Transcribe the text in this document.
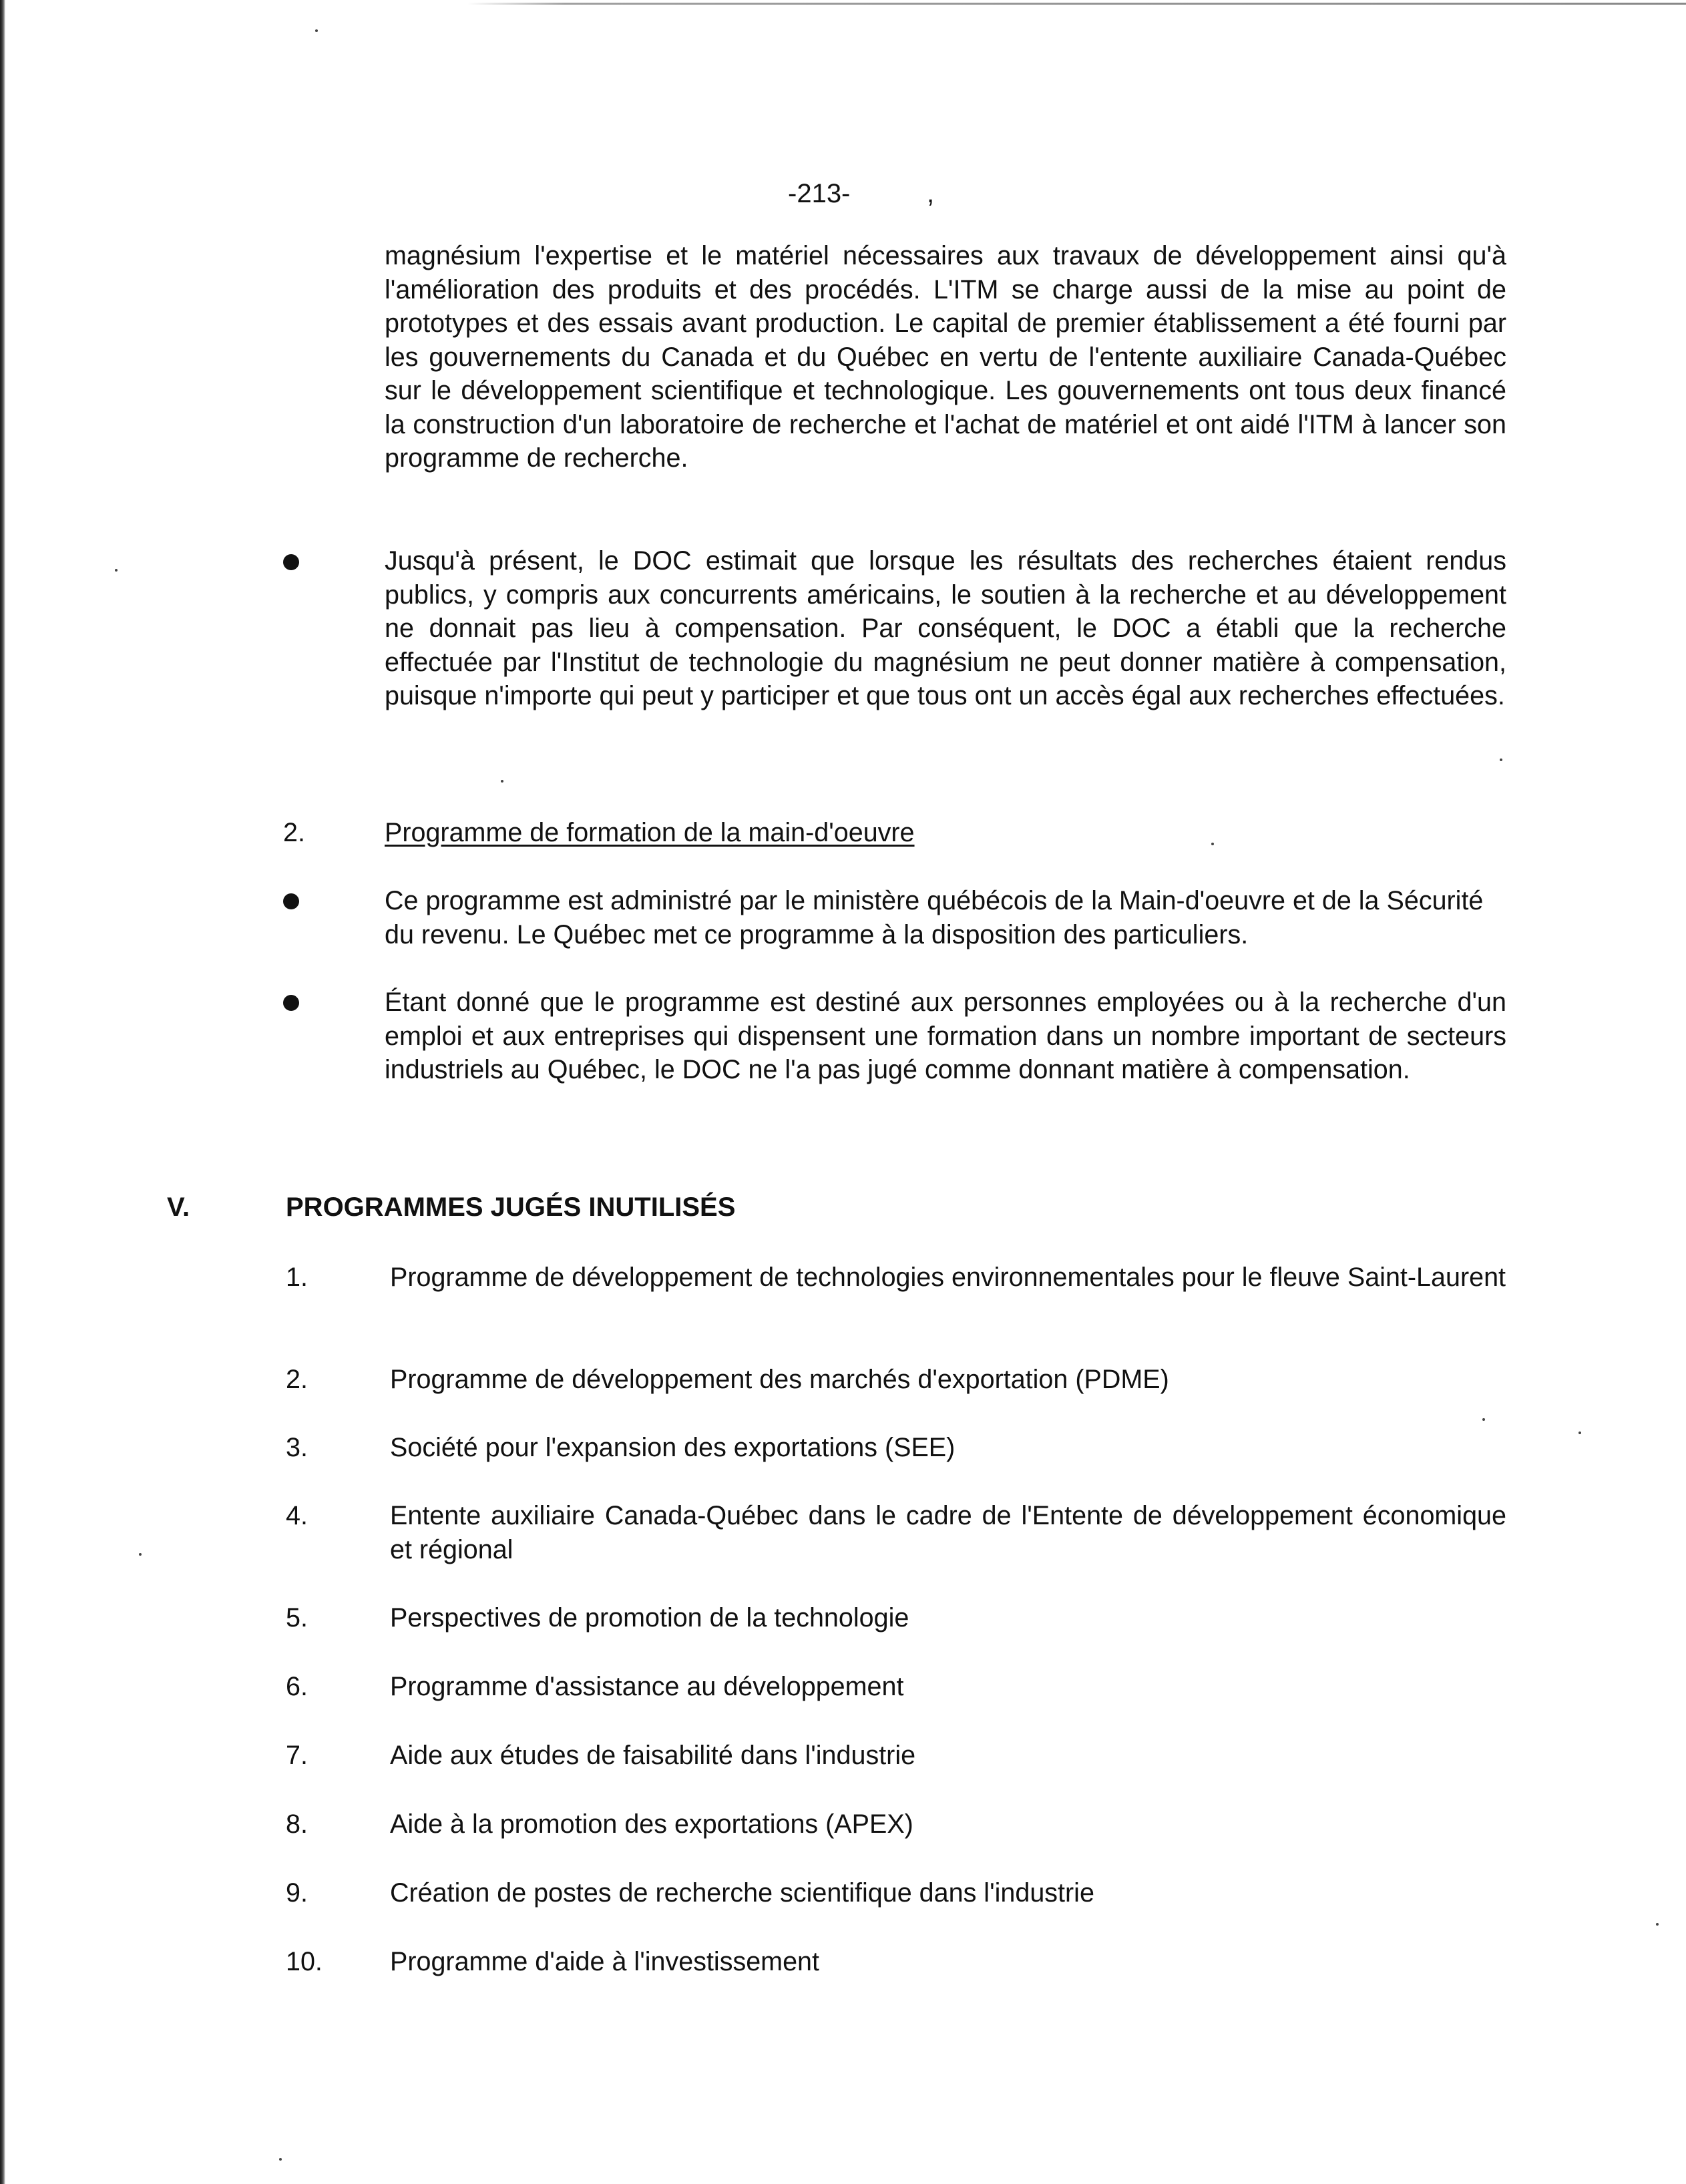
-213-	,

magnésium l'expertise et le matériel nécessaires aux travaux de développement ainsi qu'à l'amélioration des produits et des procédés. L'ITM se charge aussi de la mise au point de prototypes et des essais avant production. Le capital de premier établissement a été fourni par les gouvernements du Canada et du Québec en vertu de l'entente auxiliaire Canada-Québec sur le développement scientifique et technologique. Les gouvernements ont tous deux financé la construction d'un laboratoire de recherche et l'achat de matériel et ont aidé l'ITM à lancer son programme de recherche.

Jusqu'à présent, le DOC estimait que lorsque les résultats des recherches étaient rendus publics, y compris aux concurrents américains, le soutien à la recherche et au développement ne donnait pas lieu à compensation. Par conséquent, le DOC a établi que la recherche effectuée par l'Institut de technologie du magnésium ne peut donner matière à compensation, puisque n'importe qui peut y participer et que tous ont un accès égal aux recherches effectuées.

2.	Programme de formation de la main-d'oeuvre

Ce programme est administré par le ministère québécois de la Main-d'oeuvre et de la Sécurité du revenu. Le Québec met ce programme à la disposition des particuliers.

Étant donné que le programme est destiné aux personnes employées ou à la recherche d'un emploi et aux entreprises qui dispensent une formation dans un nombre important de secteurs industriels au Québec, le DOC ne l'a pas jugé comme donnant matière à compensation.

V.	PROGRAMMES JUGÉS INUTILISÉS
1.	Programme de développement de technologies environnementales pour le fleuve Saint-Laurent
2.	Programme de développement des marchés d'exportation (PDME)
3.	Société pour l'expansion des exportations (SEE)
4.	Entente auxiliaire Canada-Québec dans le cadre de l'Entente de développement économique et régional
5.	Perspectives de promotion de la technologie
6.	Programme d'assistance au développement
7.	Aide aux études de faisabilité dans l'industrie
8.	Aide à la promotion des exportations (APEX)
9.	Création de postes de recherche scientifique dans l'industrie
10.	Programme d'aide à l'investissement
